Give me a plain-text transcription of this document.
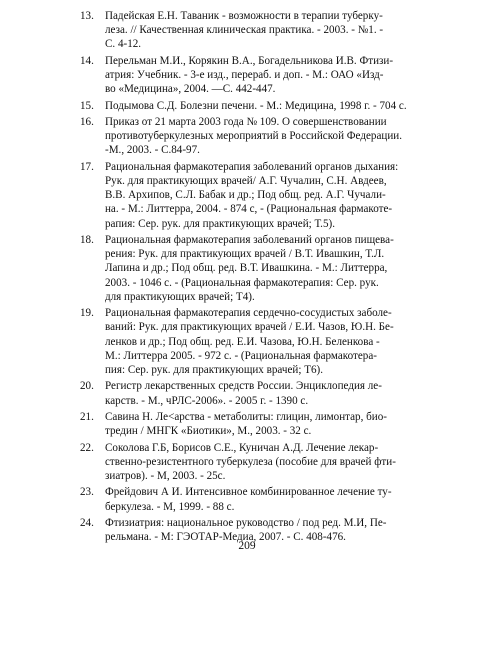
13.	Падейская Е.Н. Таваник - возможности в терапии туберку-
леза. // Качественная клиническая практика. - 2003. - №1. -
С. 4-12.
14.	Перельман М.И., Корякин В.А., Богадельникова И.В. Фтизи-
атрия: Учебник. - 3-е изд., перераб. и доп. - М.: ОАО «Изд-
во «Медицина», 2004. —С. 442-447.
15.	Подымова С.Д. Болезни печени. - М.: Медицина, 1998 г. - 704 с.
16.	Приказ от 21 марта 2003 года № 109. О совершенствовании
противотуберкулезных мероприятий в Российской Федерации.
-М., 2003. - С.84-97.
17.	Рациональная фармакотерапия заболеваний органов дыхания:
Рук. для практикующих врачей/ А.Г. Чучалин, С.Н. Авдеев,
В.В. Архипов, С.Л. Бабак и др.; Под общ. ред. А.Г. Чучали-
на. - М.: Литтерра, 2004. - 874 с, - (Рациональная фармакоте-
рапия: Сер. рук. для практикующих врачей; Т.5).
18.	Рациональная фармакотерапия заболеваний органов пищева-
рения: Рук. для практикующих врачей / В.Т. Ивашкин, Т.Л.
Лапина и др.; Под общ. ред. В.Т. Ивашкина. - М.: Литтерра,
2003. - 1046 с. - (Рациональная фармакотерапия: Сер. рук.
для практикующих врачей; Т4).
19.	Рациональная фармакотерапия сердечно-сосудистых заболе-
ваний: Рук. для практикующих врачей / Е.И. Чазов, Ю.Н. Бе-
ленков и др.; Под общ. ред. Е.И. Чазова, Ю.Н. Беленкова -
М.: Литтерра 2005. - 972 с. - (Рациональная фармакотера-
пия: Сер. рук. для практикующих врачей; Т6).
20.	Регистр лекарственных средств России. Энциклопедия ле-
карств. - М., чРЛС-2006». - 2005 г. - 1390 с.
21.	Савина Н. Ле<арства - метаболиты: глицин, лимонтар, био-
тредин / МНГК «Биотики», М., 2003. - 32 с.
22.	Соколова Г.Б, Борисов С.Е., Куничан А.Д. Лечение лекар-
ственно-резистентного туберкулеза (пособие для врачей фти-
зиатров). - М, 2003. - 25с.
23.	Фрейдович А И. Интенсивное комбинированное лечение ту-
беркулеза. - М, 1999. - 88 с.
24.	Фтизиатрия: национальное руководство / под ред. М.И, Пе-
рельмана. - М: ГЭОТАР-Медиа, 2007. - С. 408-476.
209
